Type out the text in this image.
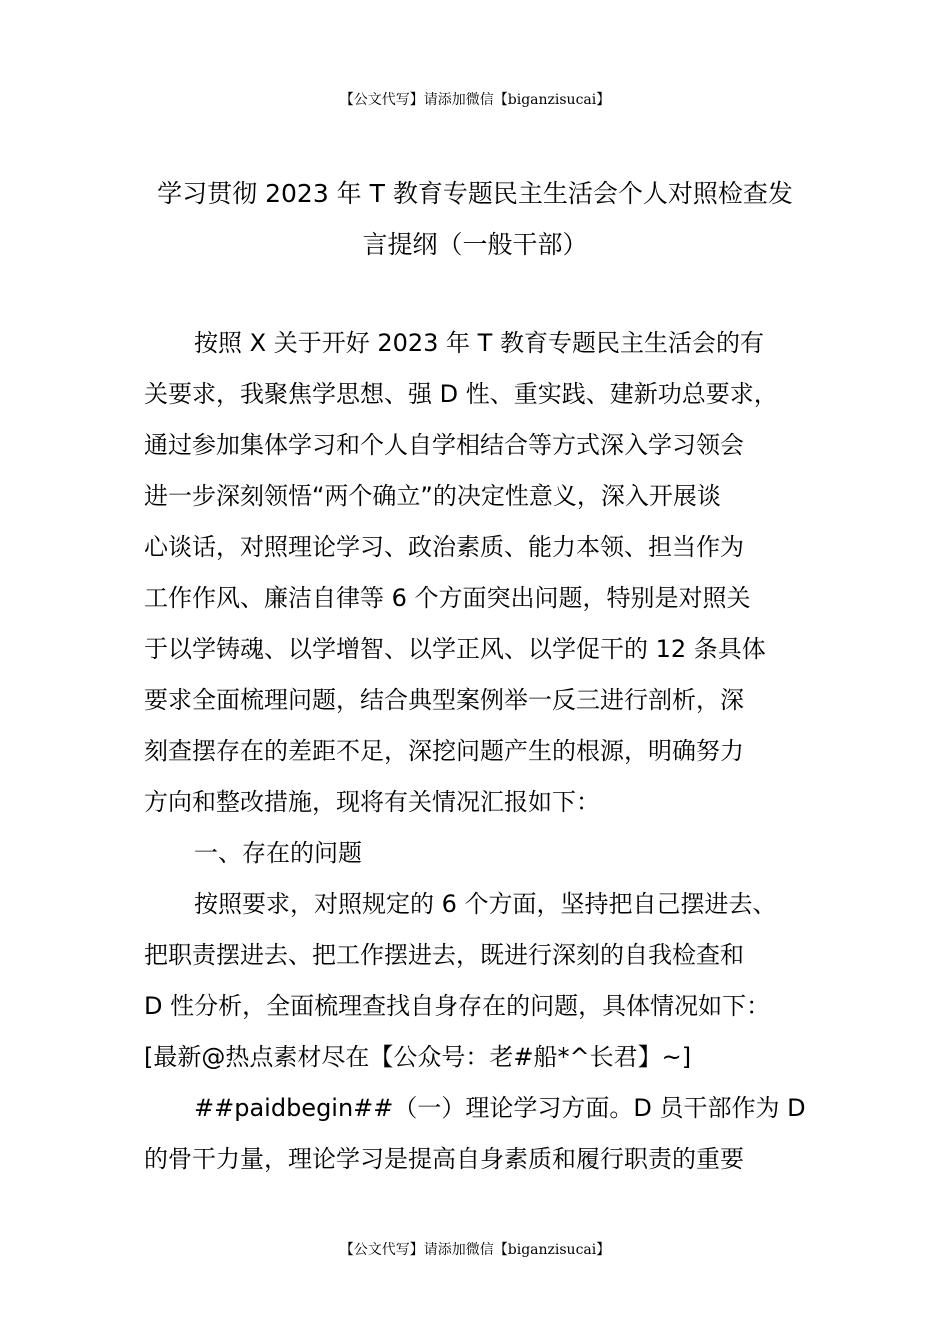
【公文代写】请添加微信【biganzisucai】
学习贯彻 2023 年 T 教育专题民主生活会个人对照检查发
言提纲（一般干部）
按照 X 关于开好 2023 年 T 教育专题民主生活会的有
关要求，我聚焦学思想、强 D 性、重实践、建新功总要求，
通过参加集体学习和个人自学相结合等方式深入学习领会
进一步深刻领悟“两个确立”的决定性意义，深入开展谈
心谈话，对照理论学习、政治素质、能力本领、担当作为
工作作风、廉洁自律等 6 个方面突出问题，特别是对照关
于以学铸魂、以学增智、以学正风、以学促干的 12 条具体
要求全面梳理问题，结合典型案例举一反三进行剖析，深
刻查摆存在的差距不足，深挖问题产生的根源，明确努力
方向和整改措施，现将有关情况汇报如下：
一、存在的问题
按照要求，对照规定的 6 个方面，坚持把自己摆进去、
把职责摆进去、把工作摆进去，既进行深刻的自我检查和
D 性分析，全面梳理查找自身存在的问题，具体情况如下：
[最新@热点素材尽在【公众号：老#船*^长君】~]
##paidbegin##（一）理论学习方面。D 员干部作为 D
的骨干力量，理论学习是提高自身素质和履行职责的重要
【公文代写】请添加微信【biganzisucai】
